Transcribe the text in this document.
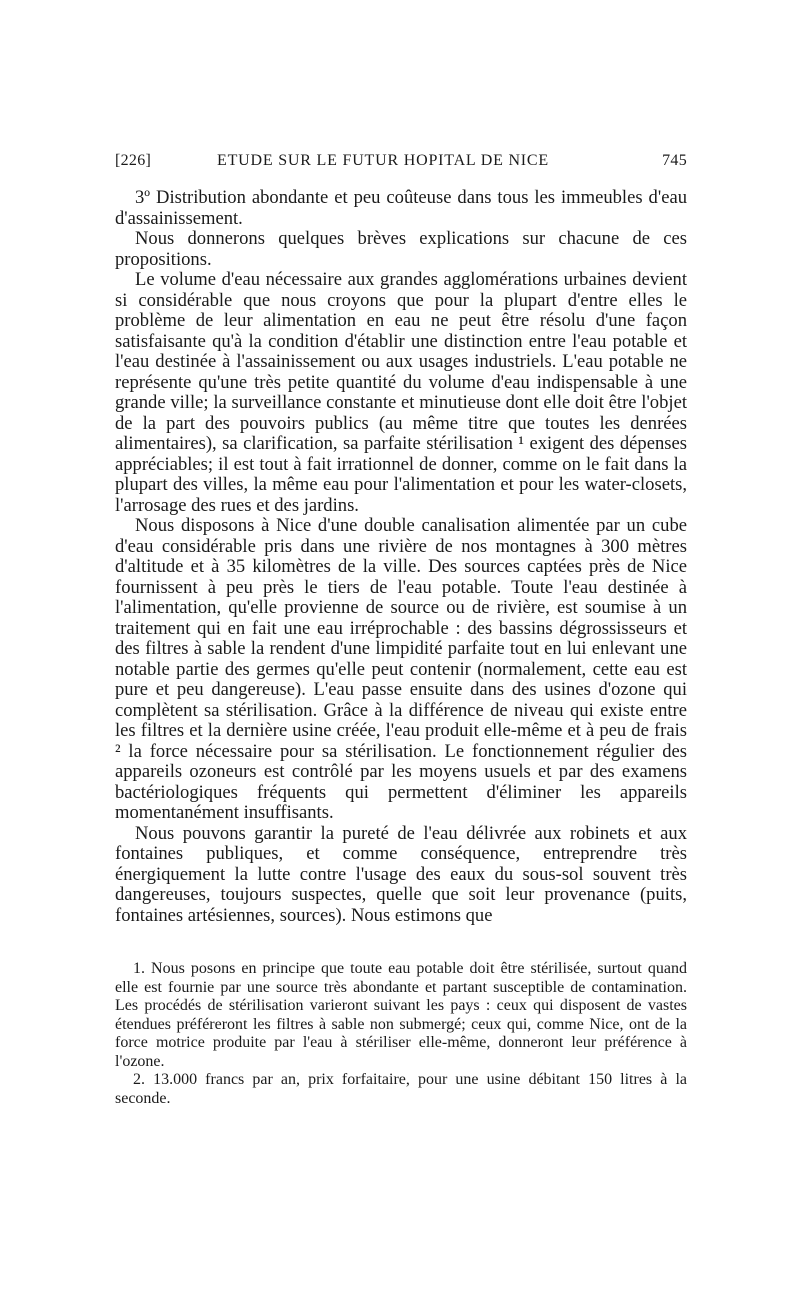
[226]	ETUDE SUR LE FUTUR HOPITAL DE NICE	745

3º Distribution abondante et peu coûteuse dans tous les immeubles d'eau d'assainissement.

Nous donnerons quelques brèves explications sur chacune de ces propositions.

Le volume d'eau nécessaire aux grandes agglomérations urbaines devient si considérable que nous croyons que pour la plupart d'entre elles le problème de leur alimentation en eau ne peut être résolu d'une façon satisfaisante qu'à la condition d'établir une distinction entre l'eau potable et l'eau destinée à l'assainissement ou aux usages industriels. L'eau potable ne représente qu'une très petite quantité du volume d'eau indispensable à une grande ville; la surveillance constante et minutieuse dont elle doit être l'objet de la part des pouvoirs publics (au même titre que toutes les denrées alimentaires), sa clarification, sa parfaite stérilisation ¹ exigent des dépenses appréciables; il est tout à fait irrationnel de donner, comme on le fait dans la plupart des villes, la même eau pour l'alimentation et pour les water-closets, l'arrosage des rues et des jardins.

Nous disposons à Nice d'une double canalisation alimentée par un cube d'eau considérable pris dans une rivière de nos montagnes à 300 mètres d'altitude et à 35 kilomètres de la ville. Des sources captées près de Nice fournissent à peu près le tiers de l'eau potable. Toute l'eau destinée à l'alimentation, qu'elle provienne de source ou de rivière, est soumise à un traitement qui en fait une eau irréprochable : des bassins dégrossisseurs et des filtres à sable la rendent d'une limpidité parfaite tout en lui enlevant une notable partie des germes qu'elle peut contenir (normalement, cette eau est pure et peu dangereuse). L'eau passe ensuite dans des usines d'ozone qui complètent sa stérilisation. Grâce à la différence de niveau qui existe entre les filtres et la dernière usine créée, l'eau produit elle-même et à peu de frais ² la force nécessaire pour sa stérilisation. Le fonctionnement régulier des appareils ozoneurs est contrôlé par les moyens usuels et par des examens bactériologiques fréquents qui permettent d'éliminer les appareils momentanément insuffisants.

Nous pouvons garantir la pureté de l'eau délivrée aux robinets et aux fontaines publiques, et comme conséquence, entreprendre très énergiquement la lutte contre l'usage des eaux du sous-sol souvent très dangereuses, toujours suspectes, quelle que soit leur provenance (puits, fontaines artésiennes, sources). Nous estimons que

1. Nous posons en principe que toute eau potable doit être stérilisée, surtout quand elle est fournie par une source très abondante et partant susceptible de contamination. Les procédés de stérilisation varieront suivant les pays : ceux qui disposent de vastes étendues préféreront les filtres à sable non submergé; ceux qui, comme Nice, ont de la force motrice produite par l'eau à stériliser elle-même, donneront leur préférence à l'ozone.

2. 13.000 francs par an, prix forfaitaire, pour une usine débitant 150 litres à la seconde.
